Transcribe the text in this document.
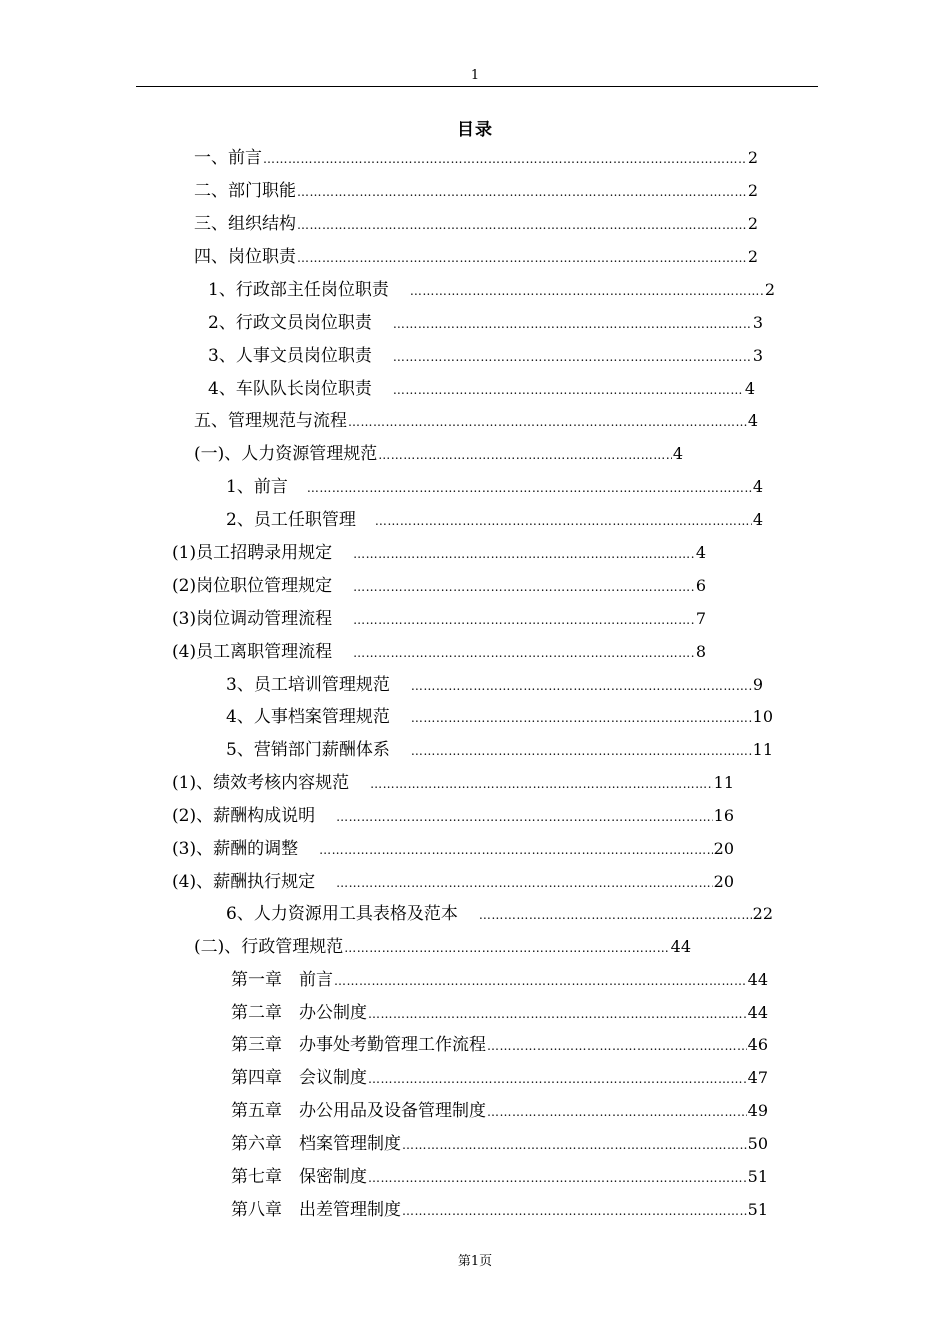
1
目录
一、前言 …………………………………………………………………………………………………………………………………………………………………………	2
二、部门职能 …………………………………………………………………………………………………………………………………………………………………………	2
三、组织结构 …………………………………………………………………………………………………………………………………………………………………………	2
四、岗位职责 …………………………………………………………………………………………………………………………………………………………………………	2
1、行政部主任岗位职责 …………………………………………………………………………………………………………………………………………………………………………	2
2、行政文员岗位职责 …………………………………………………………………………………………………………………………………………………………………………	3
3、人事文员岗位职责 …………………………………………………………………………………………………………………………………………………………………………	3
4、车队队长岗位职责 …………………………………………………………………………………………………………………………………………………………………………	4
五、管理规范与流程 …………………………………………………………………………………………………………………………………………………………………………	4
(一)、人力资源管理规范 …………………………………………………………………………………………………………………………………………………………………………	4
1、前言 …………………………………………………………………………………………………………………………………………………………………………	4
2、员工任职管理 …………………………………………………………………………………………………………………………………………………………………………	4
(1)员工招聘录用规定 …………………………………………………………………………………………………………………………………………………………………………	4
(2)岗位职位管理规定 …………………………………………………………………………………………………………………………………………………………………………	6
(3)岗位调动管理流程 …………………………………………………………………………………………………………………………………………………………………………	7
(4)员工离职管理流程 …………………………………………………………………………………………………………………………………………………………………………	8
3、员工培训管理规范 …………………………………………………………………………………………………………………………………………………………………………	9
4、人事档案管理规范 …………………………………………………………………………………………………………………………………………………………………………	10
5、营销部门薪酬体系 …………………………………………………………………………………………………………………………………………………………………………	11
(1)、绩效考核内容规范 …………………………………………………………………………………………………………………………………………………………………………	11
(2)、薪酬构成说明 …………………………………………………………………………………………………………………………………………………………………………	16
(3)、薪酬的调整 …………………………………………………………………………………………………………………………………………………………………………	20
(4)、薪酬执行规定 …………………………………………………………………………………………………………………………………………………………………………	20
6、人力资源用工具表格及范本 …………………………………………………………………………………………………………………………………………………………………………	22
(二)、行政管理规范 …………………………………………………………………………………………………………………………………………………………………………	44
第一章　前言 …………………………………………………………………………………………………………………………………………………………………………	44
第二章　办公制度 …………………………………………………………………………………………………………………………………………………………………………	44
第三章　办事处考勤管理工作流程 …………………………………………………………………………………………………………………………………………………………………………	46
第四章　会议制度 …………………………………………………………………………………………………………………………………………………………………………	47
第五章　办公用品及设备管理制度 …………………………………………………………………………………………………………………………………………………………………………	49
第六章　档案管理制度 …………………………………………………………………………………………………………………………………………………………………………	50
第七章　保密制度 …………………………………………………………………………………………………………………………………………………………………………	51
第八章　出差管理制度 …………………………………………………………………………………………………………………………………………………………………………	51
第1页
